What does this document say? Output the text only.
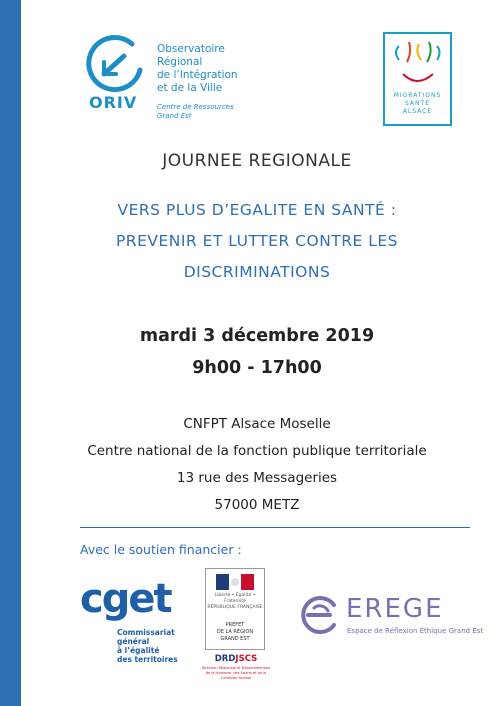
ORIV
Observatoire
Régional
de l’Intégration
et de la Ville
Centre de Ressources
Grand Est
MIGRATIONS
SANTÉ
ALSACE
JOURNEE REGIONALE
VERS PLUS D’EGALITE EN SANTÉ :
PREVENIR ET LUTTER CONTRE LES
DISCRIMINATIONS
mardi 3 décembre 2019
9h00 - 17h00
CNFPT Alsace Moselle
Centre national de la fonction publique territoriale
13 rue des Messageries
57000 METZ
Avec le soutien financier :
cget
Commissariat
général
à l’égalité
des territoires
Liberté • Égalité • Fraternité
RÉPUBLIQUE FRANÇAISE
PRÉFET
DE LA RÉGION
GRAND EST
DRDJSCS
Direction Régionale et Départementale
de la Jeunesse, des Sports et de la Cohésion Sociale
EREGE
Espace de Réflexion Éthique Grand Est
